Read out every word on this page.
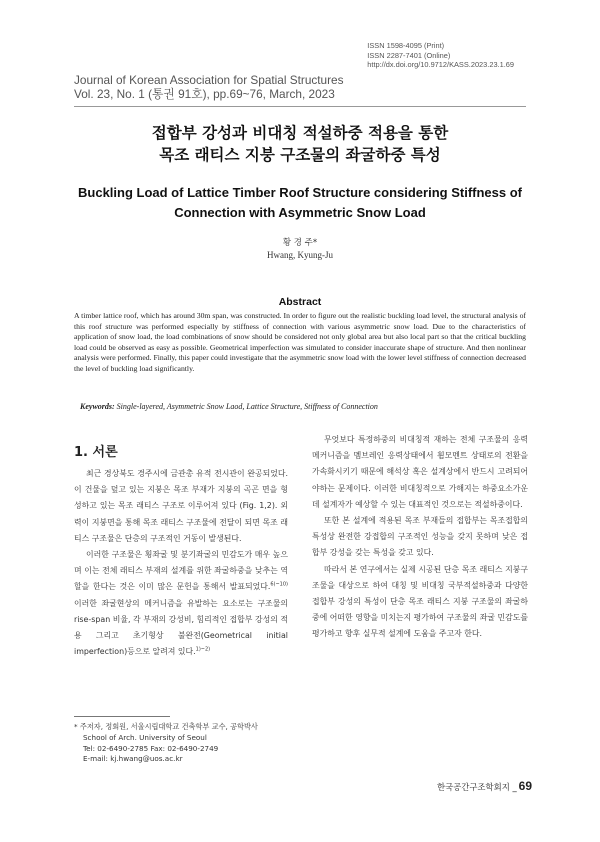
ISSN 1598-4095 (Print)
ISSN 2287-7401 (Online)
http://dx.doi.org/10.9712/KASS.2023.23.1.69
Journal of Korean Association for Spatial Structures
Vol. 23, No. 1 (통권 91호), pp.69~76, March, 2023
접합부 강성과 비대칭 적설하중 적용을 통한
목조 래티스 지붕 구조물의 좌굴하중 특성
Buckling Load of Lattice Timber Roof Structure considering Stiffness of
Connection with Asymmetric Snow Load
황 경 주*
Hwang, Kyung-Ju
Abstract
A timber lattice roof, which has around 30m span, was constructed. In order to figure out the realistic buckling load level, the structural analysis of this roof structure was performed especially by stiffness of connection with various asymmetric snow load. Due to the characteristics of application of snow load, the load combinations of snow should be considered not only global area but also local part so that the critical buckling load could be observed as easy as possible. Geometrical imperfection was simulated to consider inaccurate shape of structure. And then nonlinear analysis were performed. Finally, this paper could investigate that the asymmetric snow load with the lower level stiffness of connection decreased the level of buckling load significantly.
Keywords: Single-layered, Asymmetric Snow Laod, Lattice Structure, Stiffness of Connection
1. 서론

최근 경상북도 경주시에 금관총 유적 전시관이 완공되었다. 이 건물을 덮고 있는 지붕은 목조 부재가 지붕의 곡곤 면을 형성하고 있는 목조 래티스 구조로 이루어져 있다 (Fig. 1,2). 외력이 지붕면을 통해 목조 래티스 구조물에 전달이 되면 목조 래티스 구조물은 단층의 구조적인 거동이 발생된다.

이러한 구조물은 횡좌굴 및 분기좌굴의 민감도가 매우 높으며 이는 전체 래티스 부재의 설계를 위한 좌굴하중을 낮추는 역할을 한다는 것은 이미 많은 문헌을 통해서 발표되었다.$^{6)\sim 10)}$ 이러한 좌굴현상의 메커니즘을 유발하는 요소로는 구조물의 rise-span 비율, 각 부재의 강성비, 힘리적인 접합부 강성의 적용 그리고 초기형상 불완전(Geometrical initial imperfection)등으로 알려져 있다.$^{1)\sim 2)}$

무엇보다 특정하중의 비대칭적 재하는 전체 구조물의 응력 메커니즘을 멤브레인 응력상태에서 휨모멘트 상태로의 전환을 가속화시키기 때문에 해석상 혹은 설계상에서 반드시 고려되어야하는 문제이다. 이러한 비대칭적으로 가해지는 하중요소가운데 설계자가 예상할 수 있는 대표적인 것으로는 적설하중이다.

또한 본 설계에 적용된 목조 부재들의 접합부는 목조접합의 특성상 완전한 강접합의 구조적인 성능을 갖지 못하며 낮은 접합부 강성을 갖는 특성을 갖고 있다.

따라서 본 연구에서는 실제 시공된 단층 목조 래티스 지붕구조물을 대상으로 하여 대칭 및 비대칭 국부적설하중과 다양한 접합부 강성의 특성이 단층 목조 래티스 지붕 구조물의 좌굴하중에 어떠한 영향을 미치는지 평가하여 구조물의 좌굴 민감도를 평가하고 향후 실무적 설계에 도움을 주고자 한다.

* 주저자, 정회원, 서울시립대학교 건축학부 교수, 공학박사
School of Arch. University of Seoul
Tel: 02-6490-2785 Fax: 02-6490-2749
E-mail: kj.hwang@uos.ac.kr
한국공간구조학회지 _ 69
